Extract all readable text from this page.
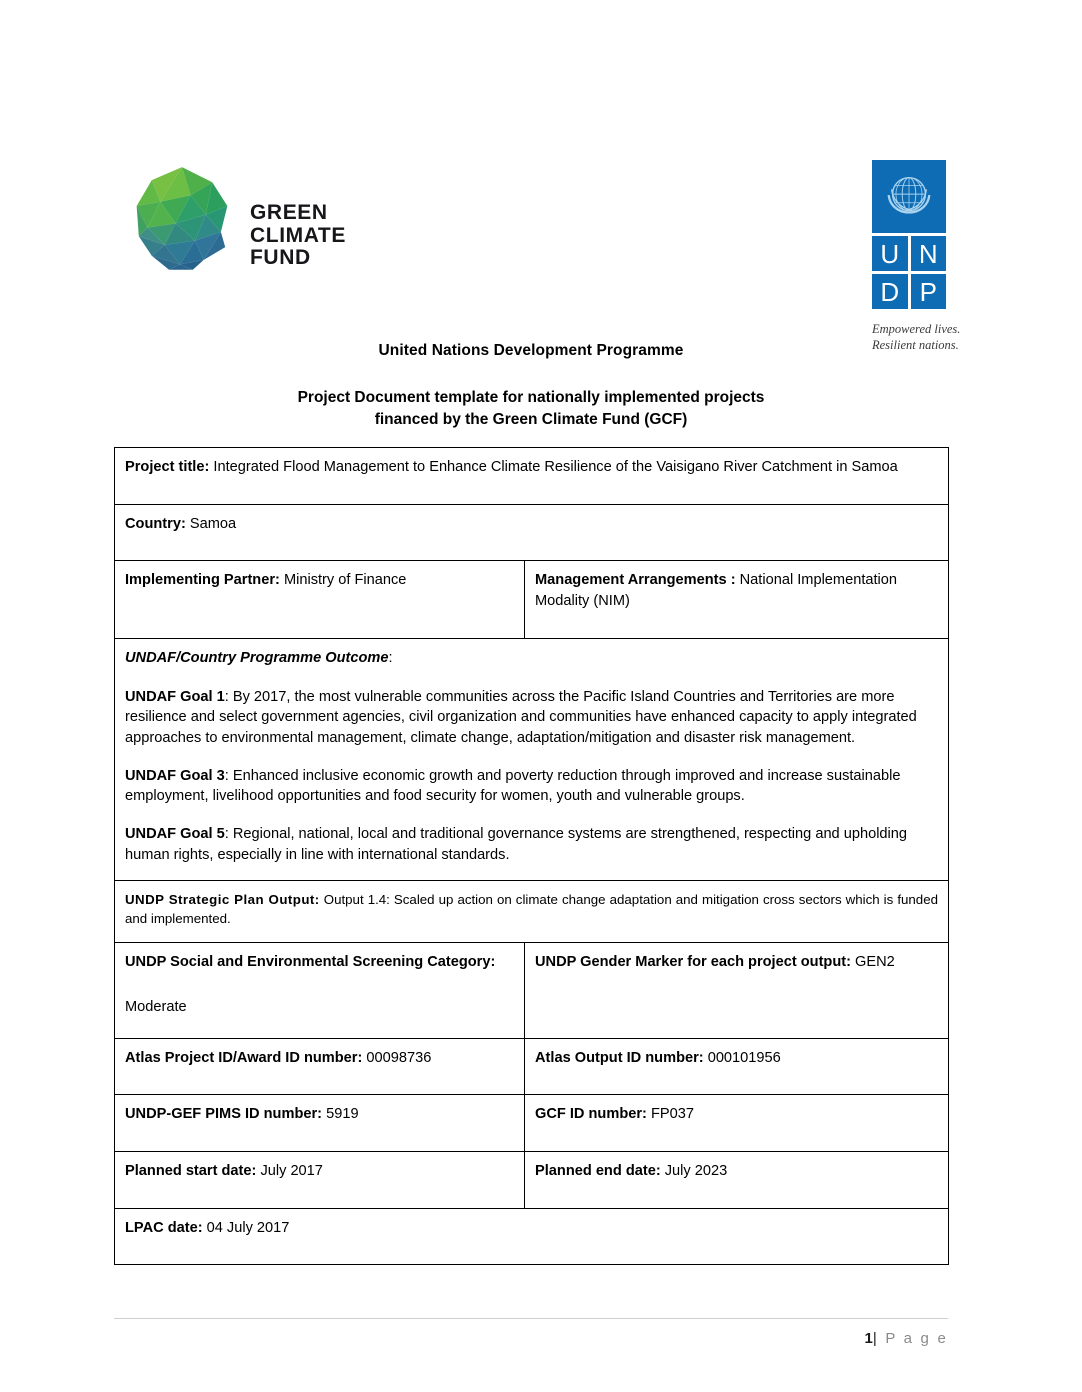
GREEN
CLIMATE
FUND	U N
D P
Empowered lives.
Resilient nations.
United Nations Development Programme
Project Document template for nationally implemented projects
financed by the Green Climate Fund (GCF)
Project title: Integrated Flood Management to Enhance Climate Resilience of the Vaisigano River Catchment in Samoa	
Country: Samoa	
Implementing Partner: Ministry of Finance	Management Arrangements : National Implementation Modality (NIM)

UNDAF/Country Programme Outcome:

UNDAF Goal 1: By 2017, the most vulnerable communities across the Pacific Island Countries and Territories are more resilience and select government agencies, civil organization and communities have enhanced capacity to apply integrated approaches to environmental management, climate change, adaptation/mitigation and disaster risk management.

UNDAF Goal 3: Enhanced inclusive economic growth and poverty reduction through improved and increase sustainable employment, livelihood opportunities and food security for women, youth and vulnerable groups.

UNDAF Goal 5: Regional, national, local and traditional governance systems are strengthened, respecting and upholding human rights, especially in line with international standards.	

UNDP Strategic Plan Output: Output 1.4: Scaled up action on climate change adaptation and mitigation cross sectors which is funded and implemented.	

UNDP Social and Environmental Screening Category:
Moderate	UNDP Gender Marker for each project output: GEN2
Atlas Project ID/Award ID number: 00098736	Atlas Output ID number: 000101956
UNDP-GEF PIMS ID number: 5919	GCF ID number: FP037
Planned start date: July 2017	Planned end date: July 2023
LPAC date: 04 July 2017	
1| P a g e
